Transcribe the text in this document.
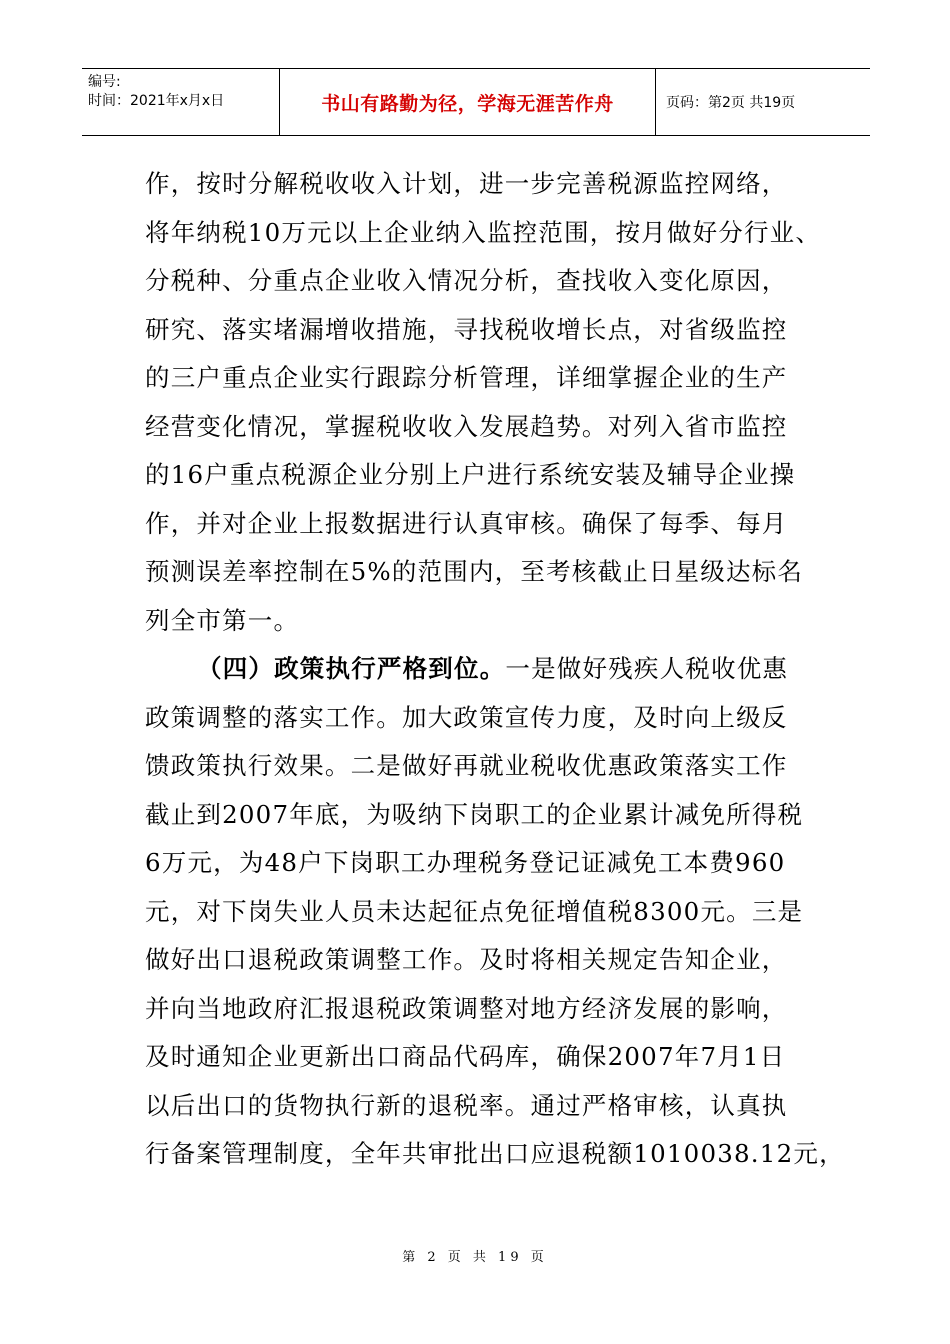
编号:
时间：2021年x月x日	书山有路勤为径，学海无涯苦作舟	页码：第2页 共19页
作，按时分解税收收入计划，进一步完善税源监控网络，
将年纳税10万元以上企业纳入监控范围，按月做好分行业、
分税种、分重点企业收入情况分析，查找收入变化原因，
研究、落实堵漏增收措施，寻找税收增长点，对省级监控
的三户重点企业实行跟踪分析管理，详细掌握企业的生产
经营变化情况，掌握税收收入发展趋势。对列入省市监控
的16户重点税源企业分别上户进行系统安装及辅导企业操
作，并对企业上报数据进行认真审核。确保了每季、每月
预测误差率控制在5%的范围内，至考核截止日星级达标名
列全市第一。
（四）政策执行严格到位。一是做好残疾人税收优惠
政策调整的落实工作。加大政策宣传力度，及时向上级反
馈政策执行效果。二是做好再就业税收优惠政策落实工作
截止到2007年底，为吸纳下岗职工的企业累计减免所得税
6万元，为48户下岗职工办理税务登记证减免工本费960
元，对下岗失业人员未达起征点免征增值税8300元。三是
做好出口退税政策调整工作。及时将相关规定告知企业，
并向当地政府汇报退税政策调整对地方经济发展的影响，
及时通知企业更新出口商品代码库，确保2007年7月1日
以后出口的货物执行新的退税率。通过严格审核，认真执
行备案管理制度，全年共审批出口应退税额1010038.12元，
第 2 页 共 19 页
